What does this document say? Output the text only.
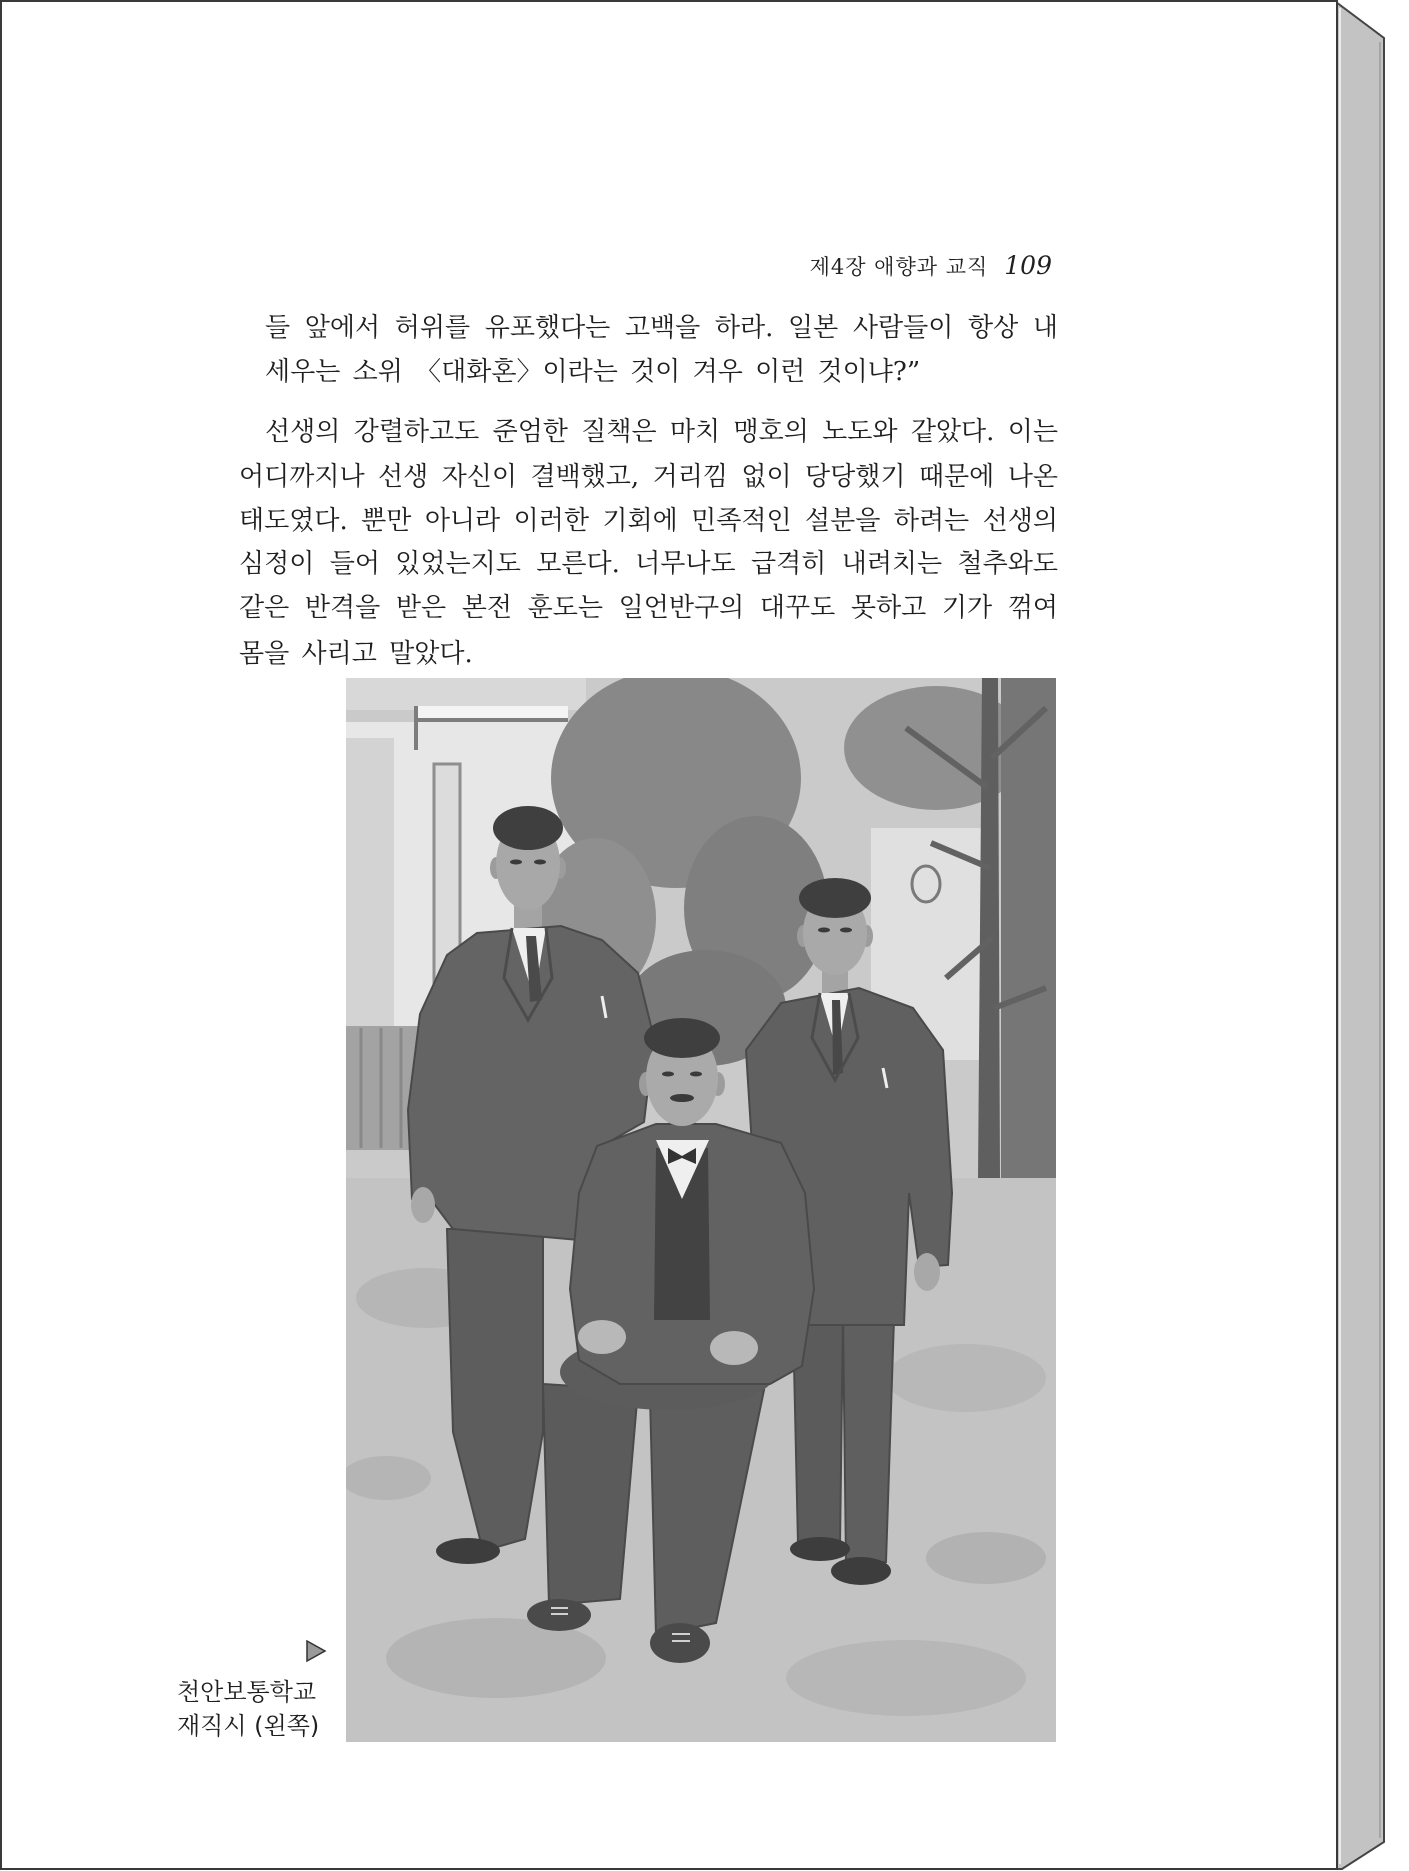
제4장 애향과 교직 109
들 앞에서 허위를 유포했다는 고백을 하라. 일본 사람들이 항상 내
세우는 소위 〈대화혼〉이라는 것이 겨우 이런 것이냐?”
선생의 강렬하고도 준엄한 질책은 마치 맹호의 노도와 같았다. 이는
어디까지나 선생 자신이 결백했고, 거리낌 없이 당당했기 때문에 나온
태도였다. 뿐만 아니라 이러한 기회에 민족적인 설분을 하려는 선생의
심정이 들어 있었는지도 모른다. 너무나도 급격히 내려치는 철추와도
같은 반격을 받은 본전 훈도는 일언반구의 대꾸도 못하고 기가 꺾여
몸을 사리고 말았다.
천안보통학교
재직시 (왼쪽)
